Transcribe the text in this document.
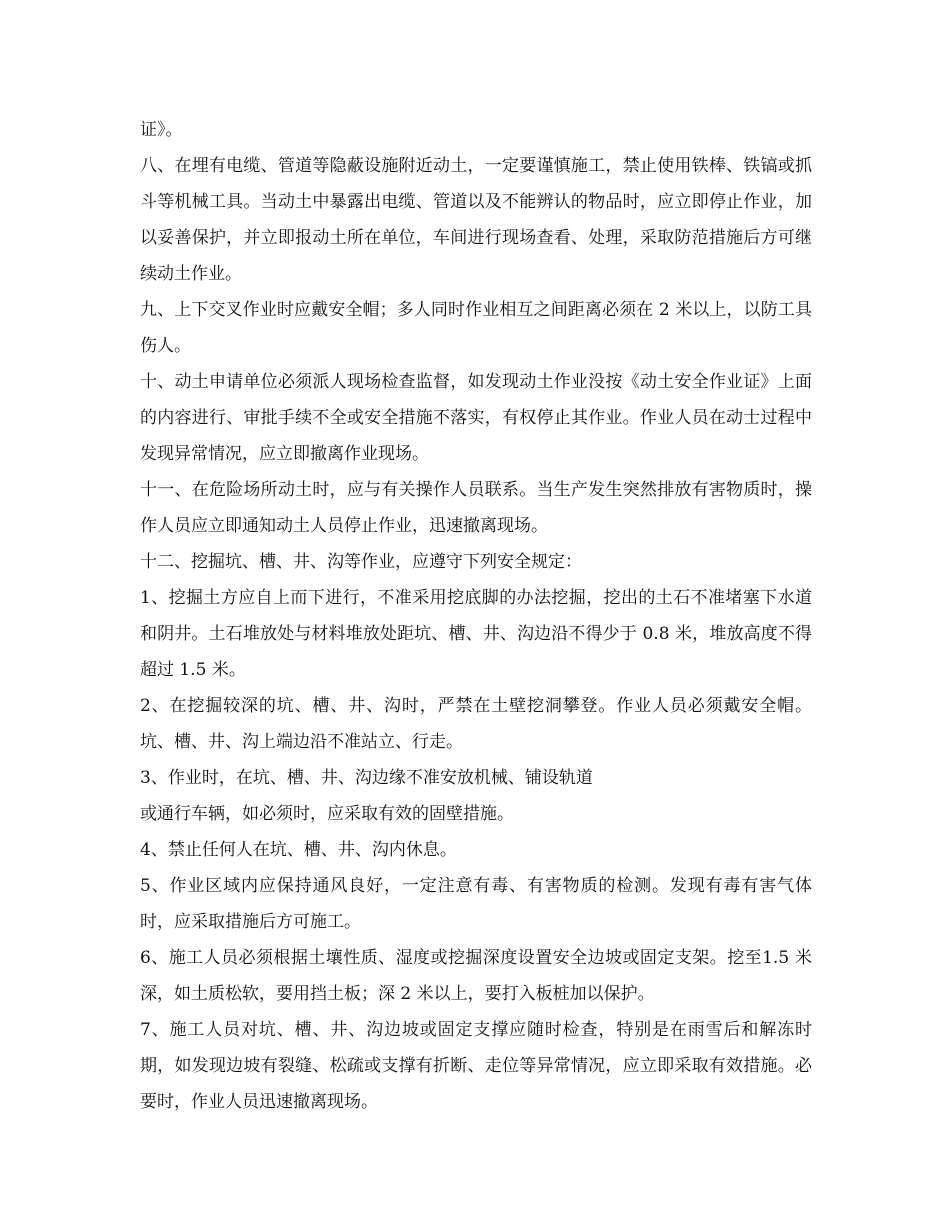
证》。

八、在埋有电缆、管道等隐蔽设施附近动土，一定要谨慎施工，禁止使用铁棒、铁镐或抓斗等机械工具。当动土中暴露出电缆、管道以及不能辨认的物品时，应立即停止作业，加以妥善保护，并立即报动土所在单位，车间进行现场查看、处理，采取防范措施后方可继续动土作业。

九、上下交叉作业时应戴安全帽；多人同时作业相互之间距离必须在 2 米以上，以防工具伤人。

十、动土申请单位必须派人现场检查监督，如发现动土作业没按《动土安全作业证》上面的内容进行、审批手续不全或安全措施不落实，有权停止其作业。作业人员在动士过程中发现异常情况，应立即撤离作业现场。

十一、在危险场所动土时，应与有关操作人员联系。当生产发生突然排放有害物质时，操作人员应立即通知动土人员停止作业，迅速撤离现场。

十二、挖掘坑、槽、井、沟等作业，应遵守下列安全规定：

1、挖掘土方应自上而下进行，不准采用挖底脚的办法挖掘，挖出的土石不准堵塞下水道和阴井。土石堆放处与材料堆放处距坑、槽、井、沟边沿不得少于 0.8 米，堆放高度不得超过 1.5 米。

2、在挖掘较深的坑、槽、井、沟时，严禁在土壁挖洞攀登。作业人员必须戴安全帽。坑、槽、井、沟上端边沿不准站立、行走。

3、作业时，在坑、槽、井、沟边缘不准安放机械、铺设轨道

或通行车辆，如必须时，应采取有效的固壁措施。

4、禁止任何人在坑、槽、井、沟内休息。

5、作业区域内应保持通风良好，一定注意有毒、有害物质的检测。发现有毒有害气体时，应采取措施后方可施工。

6、施工人员必须根据土壤性质、湿度或挖掘深度设置安全边坡或固定支架。挖至1.5 米深，如土质松软，要用挡土板；深 2 米以上，要打入板桩加以保护。

7、施工人员对坑、槽、井、沟边坡或固定支撑应随时检查，特别是在雨雪后和解冻时期，如发现边坡有裂缝、松疏或支撑有折断、走位等异常情况，应立即采取有效措施。必要时，作业人员迅速撤离现场。
